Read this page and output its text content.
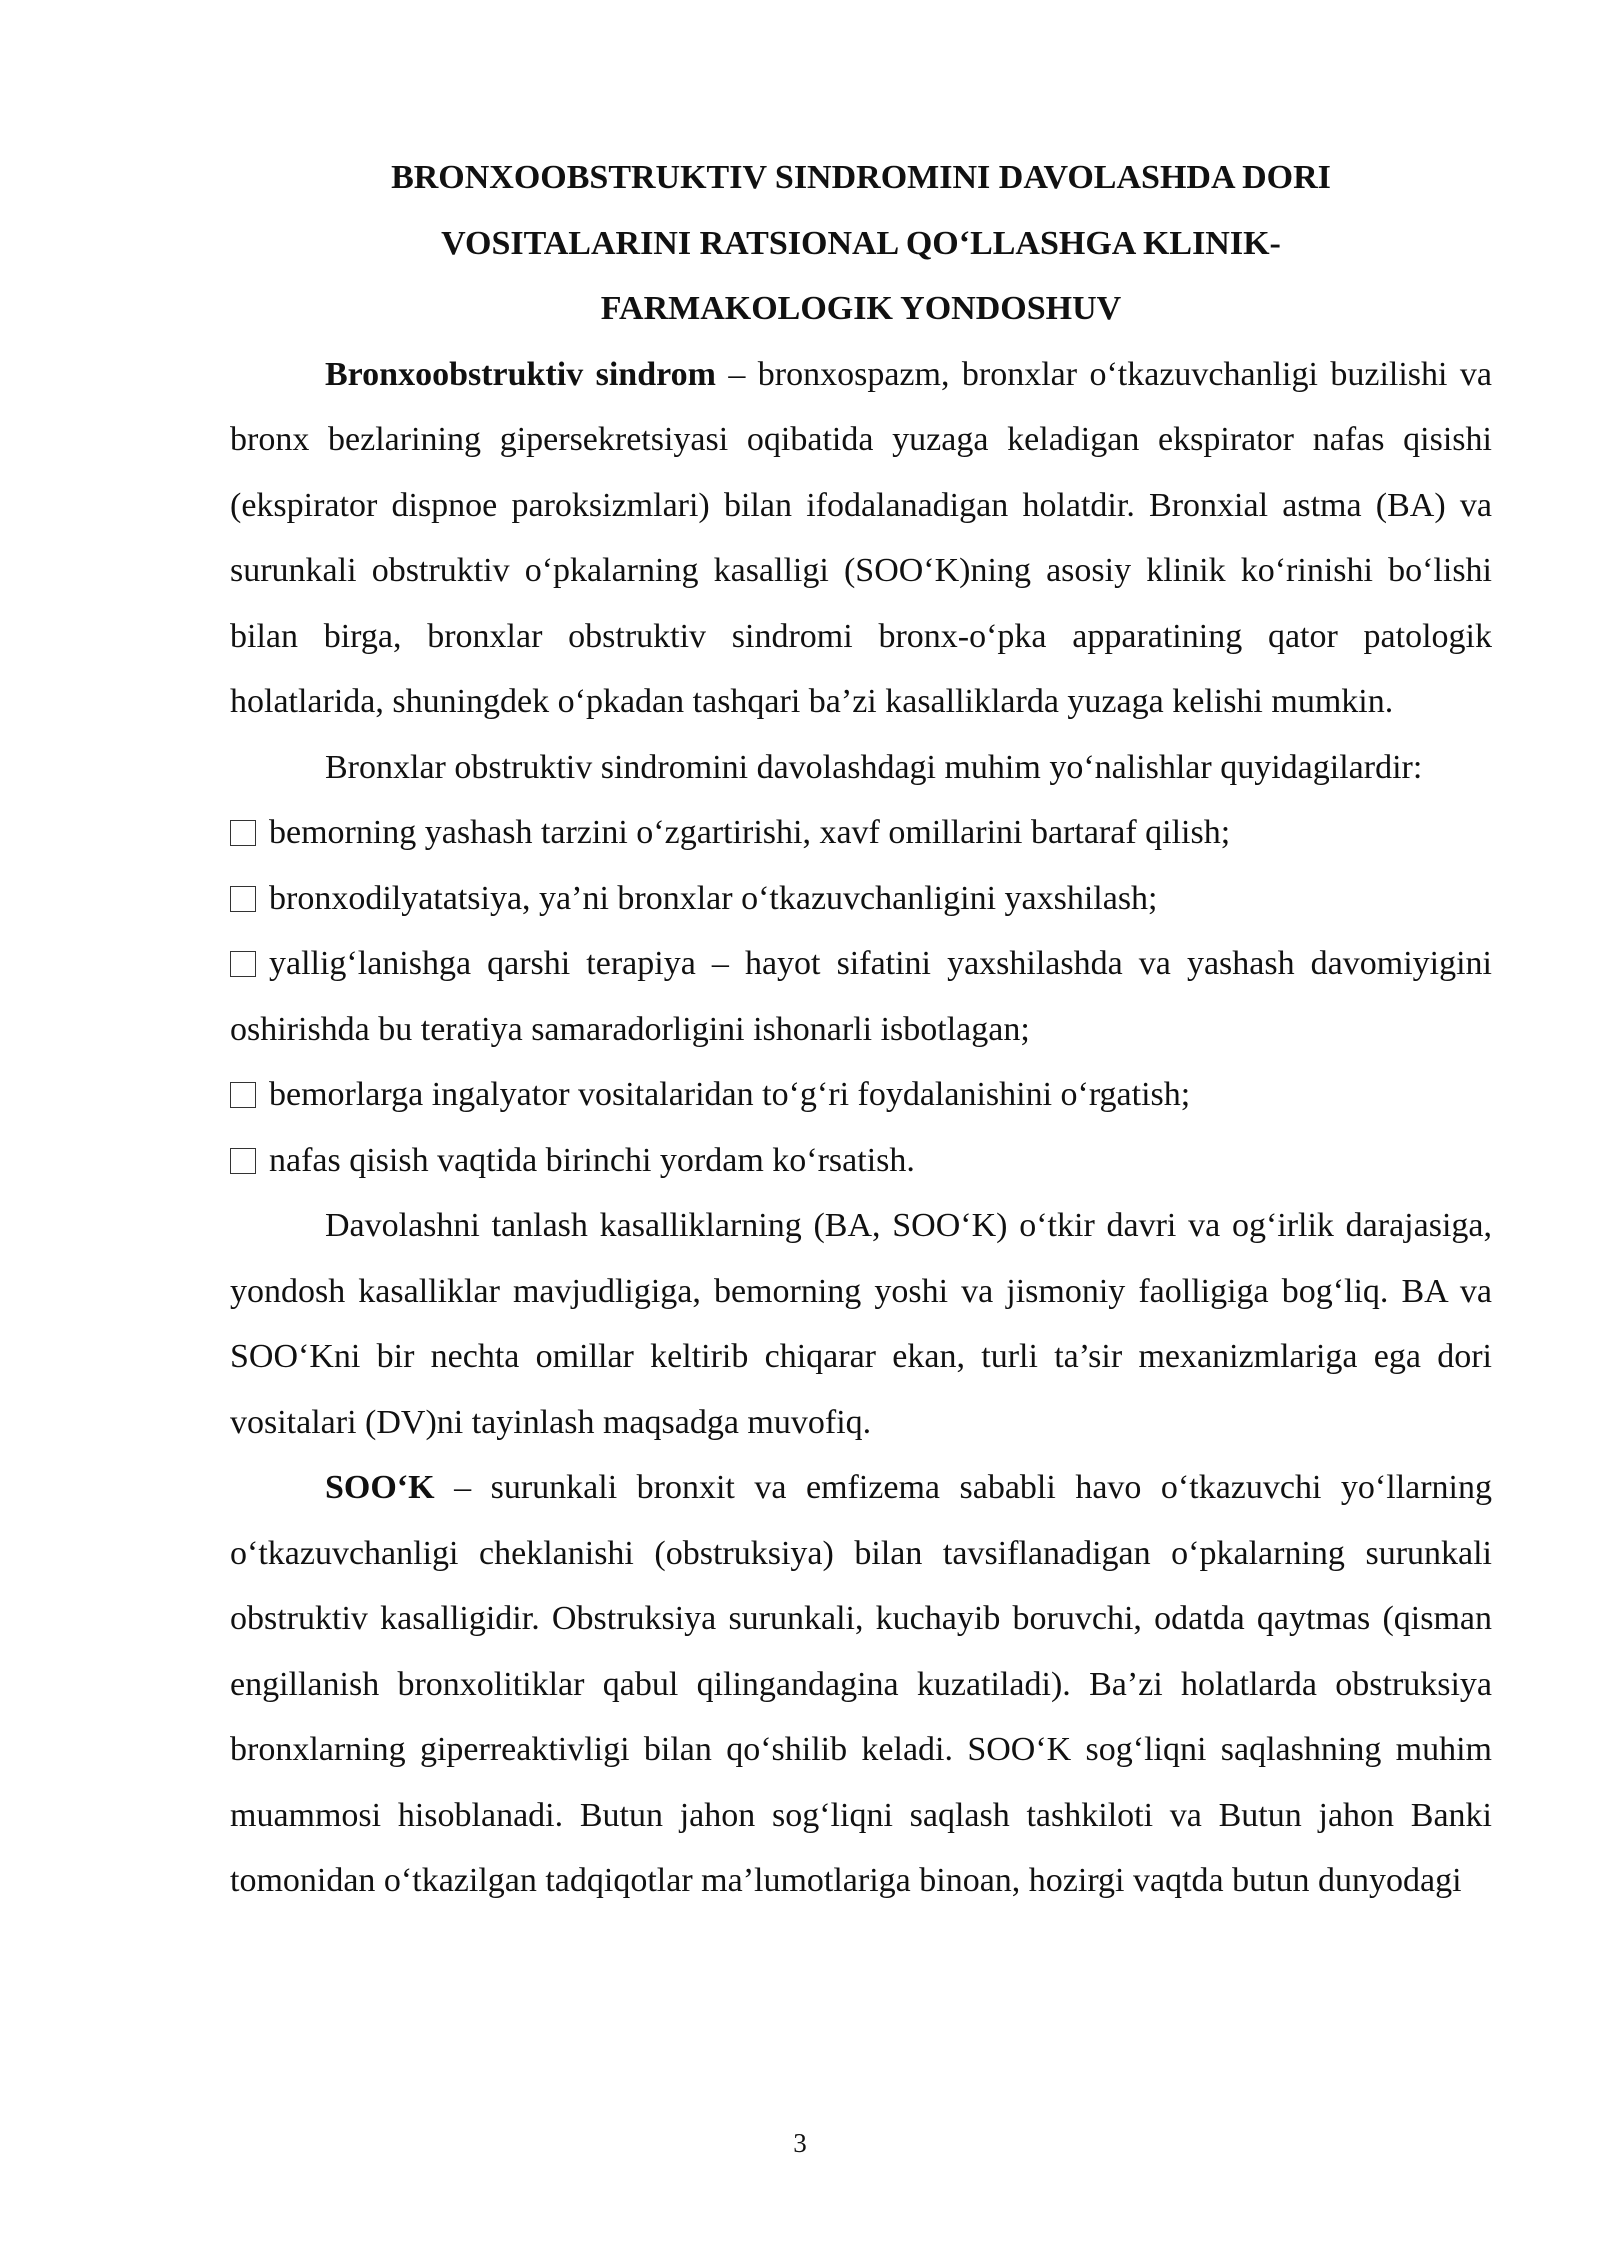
BRONXOOBSTRUKTIV SINDROMINI DAVOLASHDA DORI
VOSITALARINI RATSIONAL QO‘LLASHGA KLINIK-
FARMAKOLOGIK YONDOSHUV

Bronxoobstruktiv sindrom – bronxospazm, bronxlar o‘tkazuvchanligi buzilishi va bronx bezlarining gipersekretsiyasi oqibatida yuzaga keladigan ekspirator nafas qisishi (ekspirator dispnoe paroksizmlari) bilan ifodalanadigan holatdir. Bronxial astma (BA) va surunkali obstruktiv o‘pkalarning kasalligi (SOO‘K)ning asosiy klinik ko‘rinishi bo‘lishi bilan birga, bronxlar obstruktiv sindromi bronx-o‘pka apparatining qator patologik holatlarida, shuningdek o‘pkadan tashqari ba’zi kasalliklarda yuzaga kelishi mumkin.

Bronxlar obstruktiv sindromini davolashdagi muhim yo‘nalishlar quyidagilardir:

bemorning yashash tarzini o‘zgartirishi, xavf omillarini bartaraf qilish;
bronxodilyatatsiya, ya’ni bronxlar o‘tkazuvchanligini yaxshilash;
yallig‘lanishga qarshi terapiya – hayot sifatini yaxshilashda va yashash davomiyigini oshirishda bu teratiya samaradorligini ishonarli isbotlagan;
bemorlarga ingalyator vositalaridan to‘g‘ri foydalanishini o‘rgatish;
nafas qisish vaqtida birinchi yordam ko‘rsatish.

Davolashni tanlash kasalliklarning (BA, SOO‘K) o‘tkir davri va og‘irlik darajasiga, yondosh kasalliklar mavjudligiga, bemorning yoshi va jismoniy faolligiga bog‘liq. BA va SOO‘Kni bir nechta omillar keltirib chiqarar ekan, turli ta’sir mexanizmlariga ega dori vositalari (DV)ni tayinlash maqsadga muvofiq.

SOO‘K – surunkali bronxit va emfizema sababli havo o‘tkazuvchi yo‘llarning o‘tkazuvchanligi cheklanishi (obstruksiya) bilan tavsiflanadigan o‘pkalarning surunkali obstruktiv kasalligidir. Obstruksiya surunkali, kuchayib boruvchi, odatda qaytmas (qisman engillanish bronxolitiklar qabul qilingandagina kuzatiladi). Ba’zi holatlarda obstruksiya bronxlarning giperreaktivligi bilan qo‘shilib keladi. SOO‘K sog‘liqni saqlashning muhim muammosi hisoblanadi. Butun jahon sog‘liqni saqlash tashkiloti va Butun jahon Banki tomonidan o‘tkazilgan tadqiqotlar ma’lumotlariga binoan, hozirgi vaqtda butun dunyodagi

3
